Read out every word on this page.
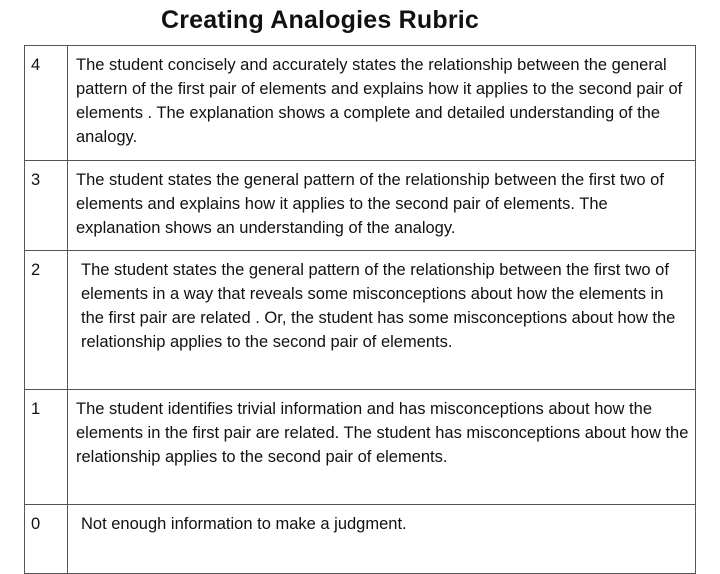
Creating Analogies Rubric
4	The student concisely and accurately states the relationship between the general pattern of the first pair of elements and explains how it applies to the second pair of elements . The explanation shows a complete and detailed understanding of the analogy.
3	The student states the general pattern of the relationship between the first two of elements and explains how it applies to the second pair of elements. The explanation shows an understanding of the analogy.
2	The student states the general pattern of the relationship between the first two of elements in a way that reveals some misconceptions about how the elements in the first pair are related . Or, the student has some misconceptions about how the relationship applies to the second pair of elements.

1	The student identifies trivial information and has misconceptions about how the elements in the first pair are related. The student has misconceptions about how the relationship applies to the second pair of elements.
0	Not enough information to make a judgment.
